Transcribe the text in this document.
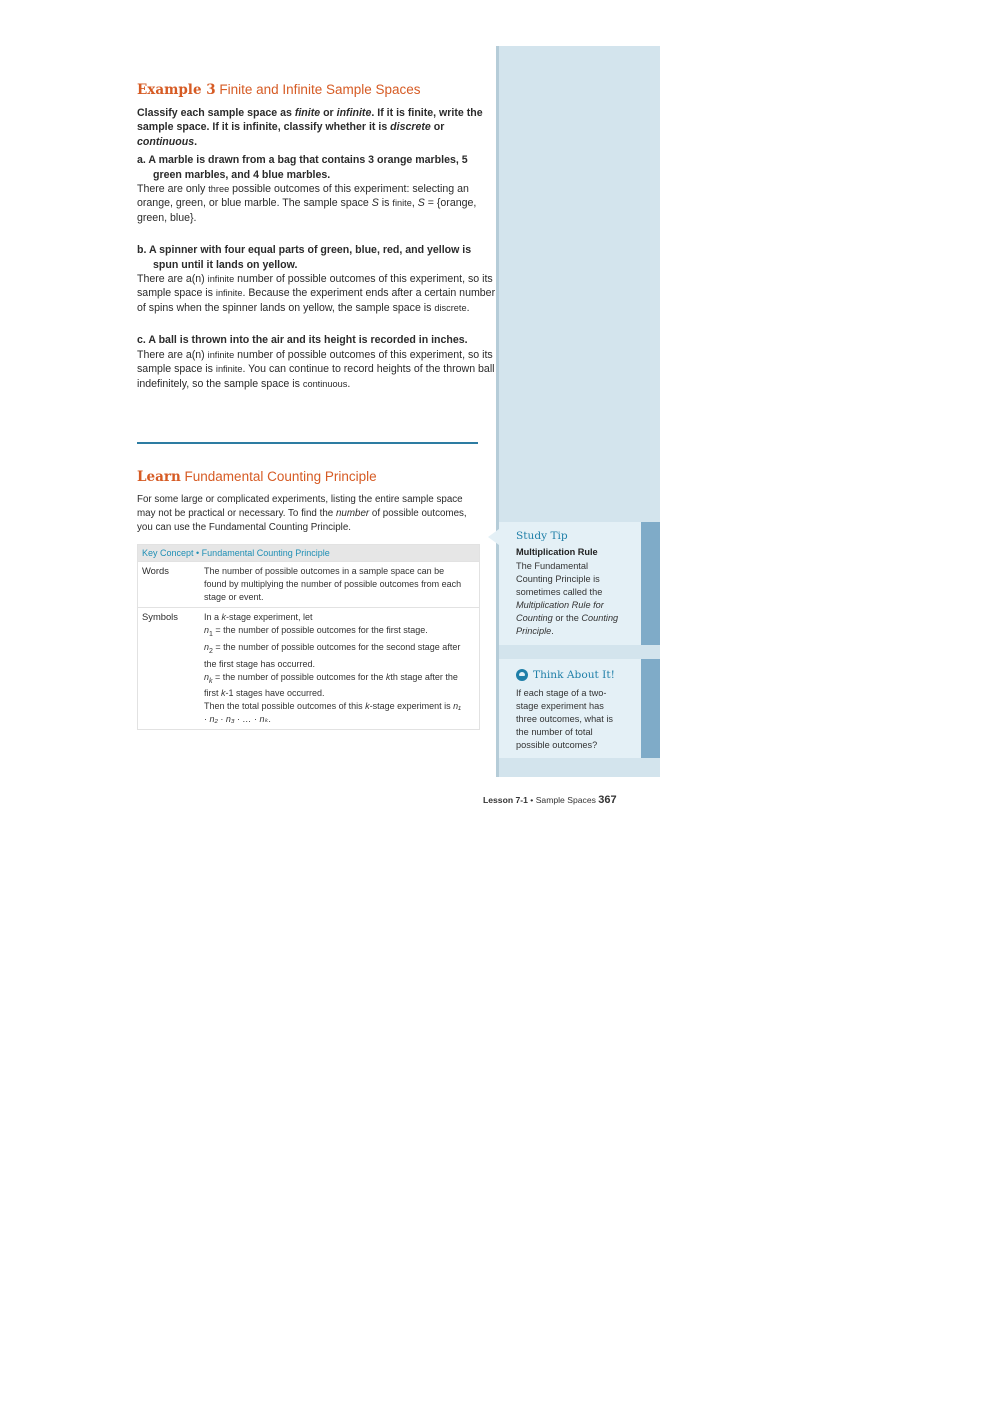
Example 3 Finite and Infinite Sample Spaces
Classify each sample space as finite or infinite. If it is finite, write the sample space. If it is infinite, classify whether it is discrete or continuous.
a. A marble is drawn from a bag that contains 3 orange marbles, 5 green marbles, and 4 blue marbles.
There are only three possible outcomes of this experiment: selecting an orange, green, or blue marble. The sample space S is finite, S = {orange, green, blue}.
b. A spinner with four equal parts of green, blue, red, and yellow is spun until it lands on yellow.
There are a(n) infinite number of possible outcomes of this experiment, so its sample space is infinite. Because the experiment ends after a certain number of spins when the spinner lands on yellow, the sample space is discrete.
c. A ball is thrown into the air and its height is recorded in inches.
There are a(n) infinite number of possible outcomes of this experiment, so its sample space is infinite. You can continue to record heights of the thrown ball indefinitely, so the sample space is continuous.
Learn Fundamental Counting Principle
For some large or complicated experiments, listing the entire sample space may not be practical or necessary. To find the number of possible outcomes, you can use the Fundamental Counting Principle.
Key Concept • Fundamental Counting Principle
Words	The number of possible outcomes in a sample space can be found by multiplying the number of possible outcomes from each stage or event.

Symbols	In a k-stage experiment, let

$n_1$ = the number of possible outcomes for the first stage.

$n_2$ = the number of possible outcomes for the second stage after the first stage has occurred.

$n_k$ = the number of possible outcomes for the kth stage after the first k-1 stages have occurred.

Then the total possible outcomes of this k-stage experiment is n₁ · n₂ · n₃ · … · nₖ.

Study Tip
Multiplication Rule
The Fundamental Counting Principle is sometimes called the Multiplication Rule for Counting or the Counting Principle.
Think About It!
If each stage of a two-stage experiment has three outcomes, what is the number of total possible outcomes?
Lesson 7-1 • Sample Spaces 367
